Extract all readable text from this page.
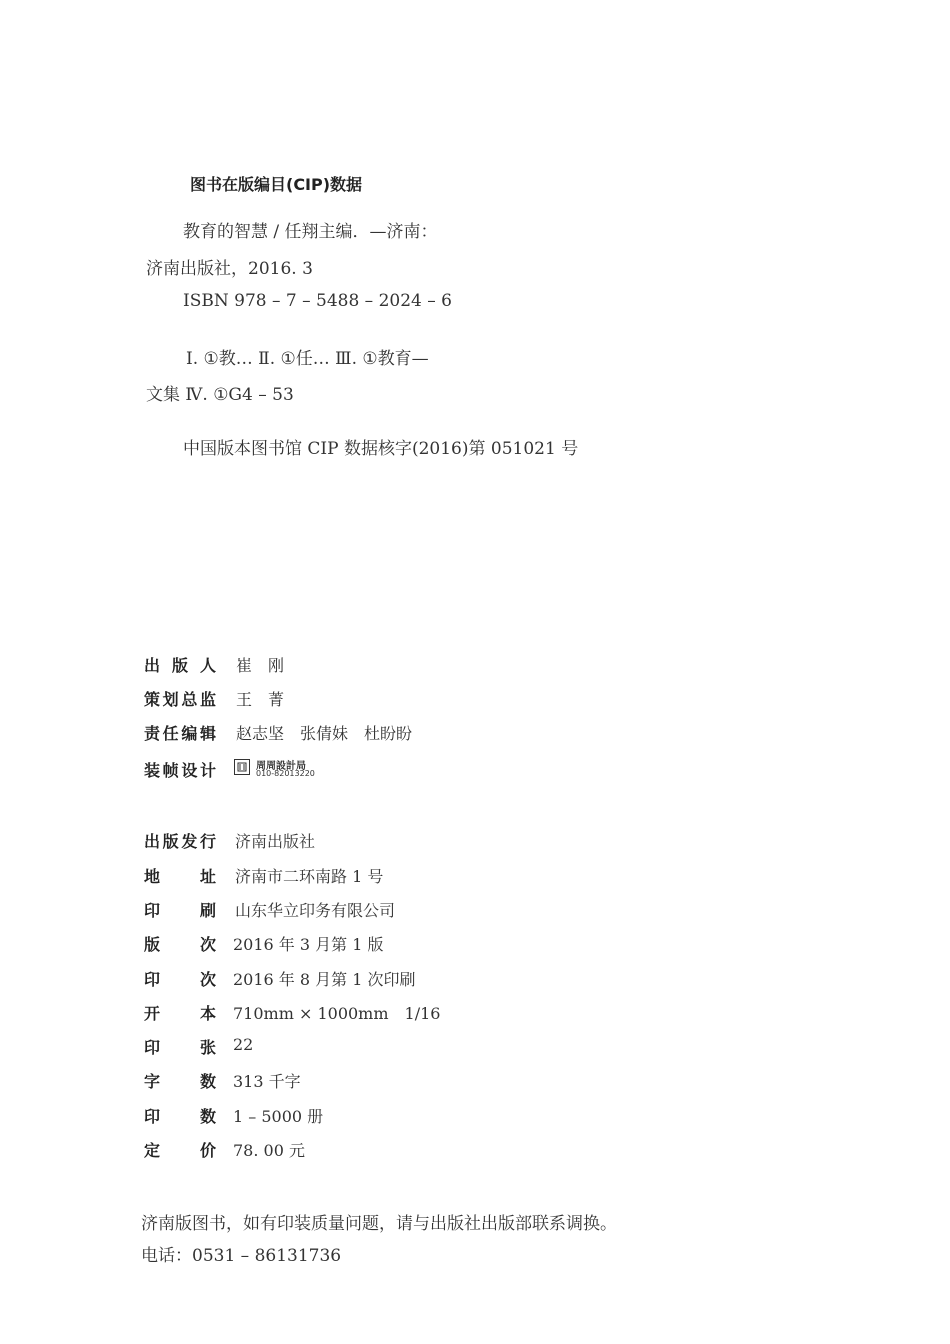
图书在版编目(CIP)数据
教育的智慧 / 任翔主编．—济南：
济南出版社，2016. 3
ISBN 978 – 7 – 5488 – 2024 – 6
Ⅰ. ①教… Ⅱ. ①任… Ⅲ. ①教育—
文集 Ⅳ. ①G4 – 53
中国版本图书馆 CIP 数据核字(2016)第 051021 号
出 版 人 崔　刚
策 划 总 监 王　菁
责 任 编 辑 赵志坚　张倩妹　杜盼盼
装 帧 设 计	周周設計局
010-82013220
出 版 发 行 济南出版社
地 址 济南市二环南路 1 号
印 刷 山东华立印务有限公司
版 次 2016 年 3 月第 1 版
印 次 2016 年 8 月第 1 次印刷
开 本 710mm × 1000mm　1/16
印 张 22
字 数 313 千字
印 数 1 – 5000 册
定 价 78. 00 元
济南版图书，如有印装质量问题，请与出版社出版部联系调换。
电话：0531 – 86131736
